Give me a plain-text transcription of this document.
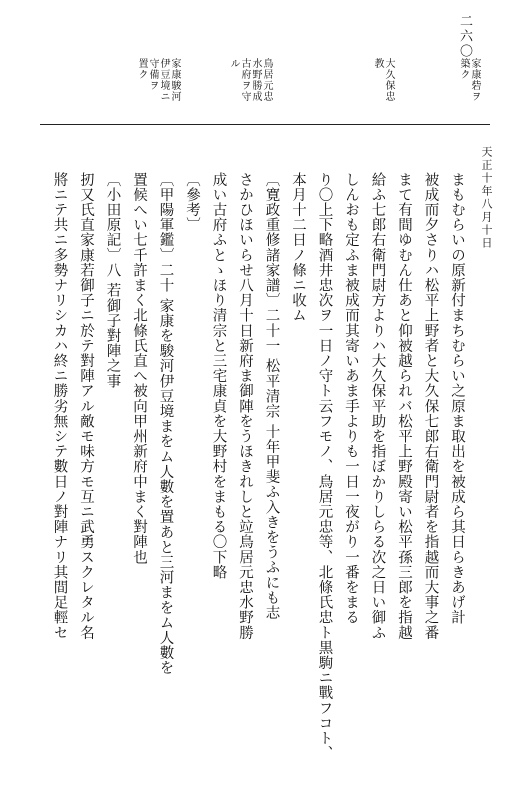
二六〇
家康砦ヲ
築ク
大久保忠
教
鳥居元忠
水野勝成
古府ヲ守
ル
家康駿河
伊豆境ニ
守備ヲ
置ク
天正十年八月十日

まもむらいの原新付まちむらい之原ま取出を被成ら其日らきあげ計

被成而夕さりハ松平上野者と大久保七郎右衛門尉者を指越而大事之番

まて有間ゆむん仕あと仰被越られバ松平上野殿寄い松平孫三郎を指越

給ふ七郎右衛門尉方よりハ大久保平助を指ぼかりしらる次之日い御ふ

しんおも定ふま被成而其寄いあま手よりも一日一夜がり一番をまる

り〇上下略酒井忠次ヲ一日ノ守ト云フモノ、鳥居元忠等、北條氏忠ト黒駒ニ戰フコト、本月十二日ノ條ニ收ム

〔寛政重修諸家譜〕二十一 松平清宗 十年甲斐ふ入きをうふにも志

さかひほいらせ八月十日新府ま御陣をうほきれしと竝鳥居元忠水野勝

成い古府ふとゝほり清宗と三宅康貞を大野村をまもる〇下略

〔參考〕

〔甲陽軍鑑〕二十 家康を駿河伊豆境まをム人數を置あと三河まをム人數を

置候へい七千許まく北條氏直へ被向甲州新府中まく對陣也

〔小田原記〕八 若御子對陣之事

扨又氏直家康若御子ニ於テ對陣アル敵モ味方モ互ニ武勇スクレタル名

將ニテ共ニ多勢ナリシカハ終ニ勝劣無シテ數日ノ對陣ナリ其間足輕セ
